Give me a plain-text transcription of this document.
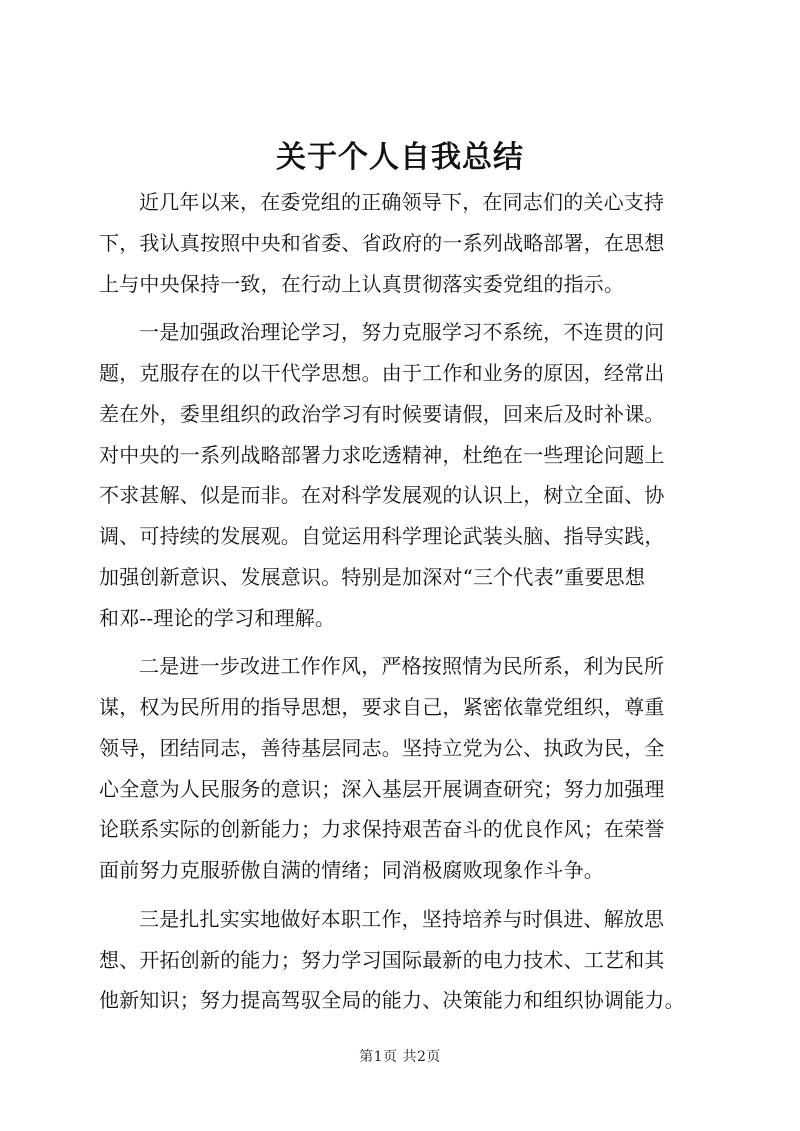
关于个人自我总结
近几年以来，在委党组的正确领导下，在同志们的关心支持
下，我认真按照中央和省委、省政府的一系列战略部署，在思想
上与中央保持一致，在行动上认真贯彻落实委党组的指示。
一是加强政治理论学习，努力克服学习不系统，不连贯的问
题，克服存在的以干代学思想。由于工作和业务的原因，经常出
差在外，委里组织的政治学习有时候要请假，回来后及时补课。
对中央的一系列战略部署力求吃透精神，杜绝在一些理论问题上
不求甚解、似是而非。在对科学发展观的认识上，树立全面、协
调、可持续的发展观。自觉运用科学理论武装头脑、指导实践，
加强创新意识、发展意识。特别是加深对“三个代表”重要思想
和邓--理论的学习和理解。
二是进一步改进工作作风，严格按照情为民所系，利为民所
谋，权为民所用的指导思想，要求自己，紧密依靠党组织，尊重
领导，团结同志，善待基层同志。坚持立党为公、执政为民，全
心全意为人民服务的意识；深入基层开展调查研究；努力加强理
论联系实际的创新能力；力求保持艰苦奋斗的优良作风；在荣誉
面前努力克服骄傲自满的情绪；同消极腐败现象作斗争。
三是扎扎实实地做好本职工作，坚持培养与时俱进、解放思
想、开拓创新的能力；努力学习国际最新的电力技术、工艺和其
他新知识；努力提高驾驭全局的能力、决策能力和组织协调能力。
第1页 共2页
